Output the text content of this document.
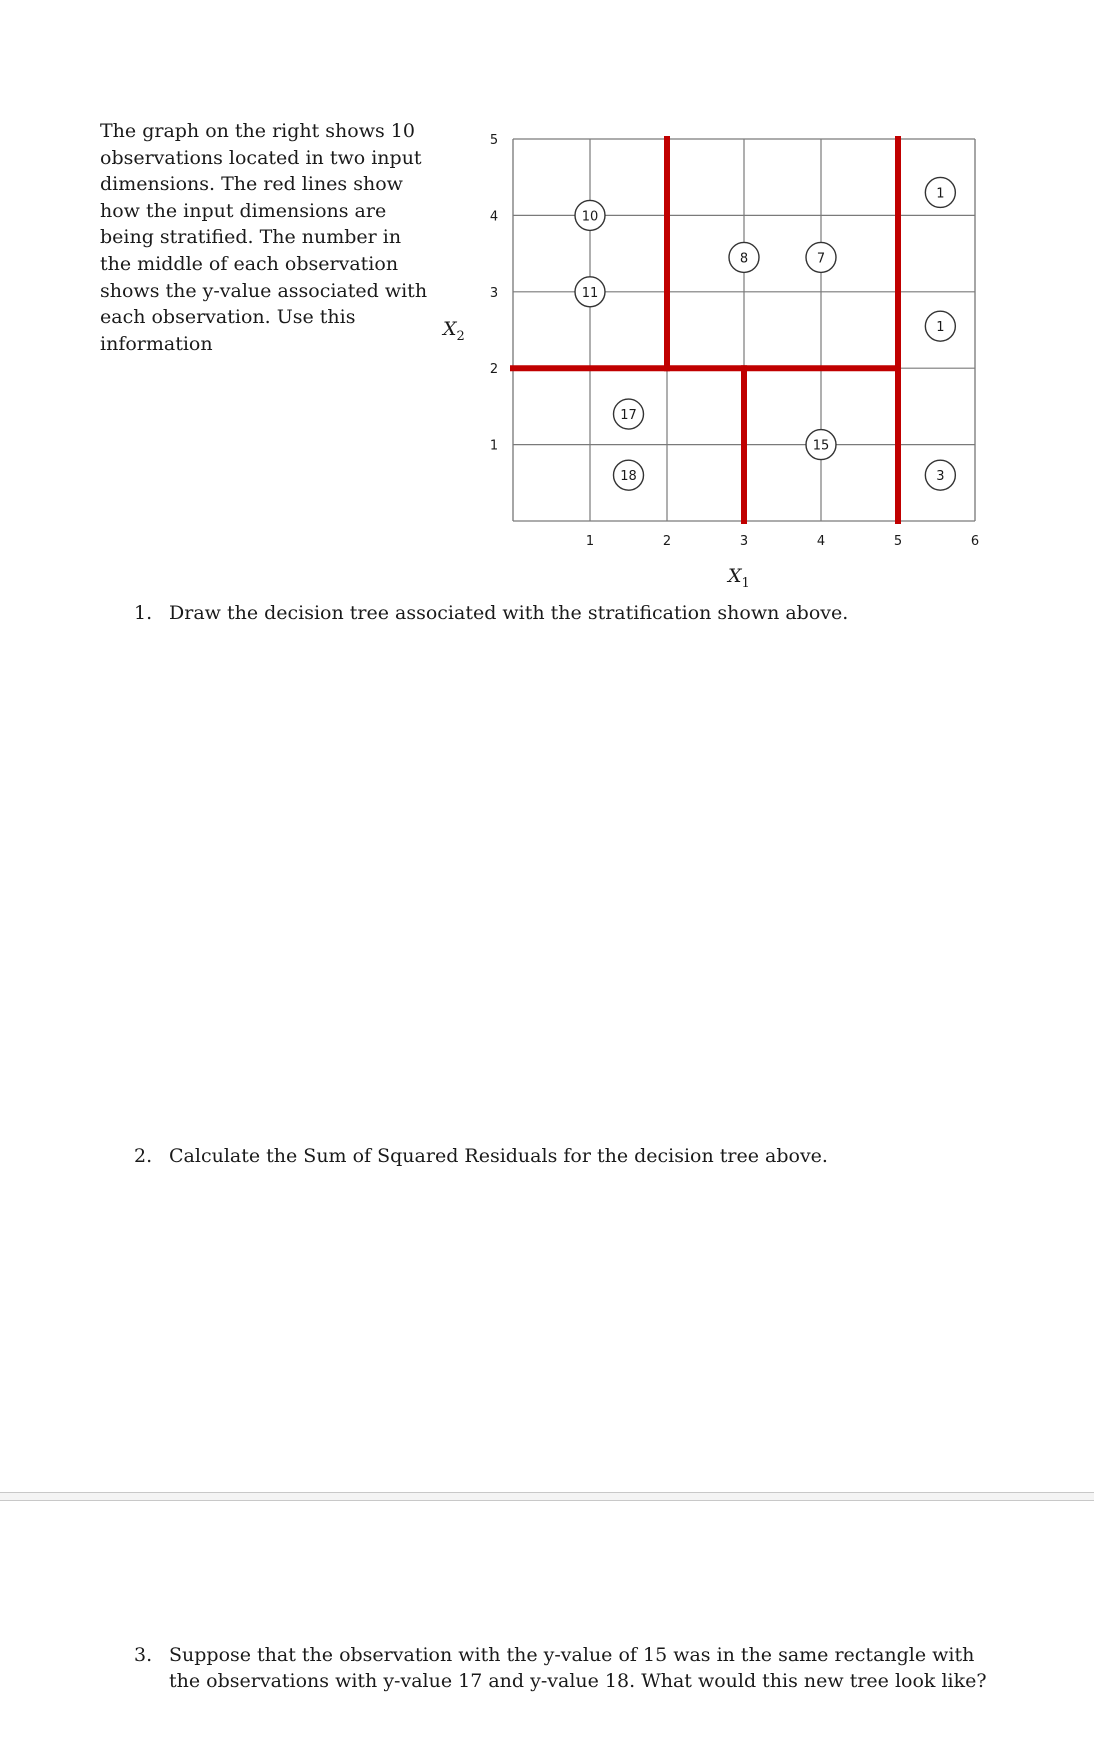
The graph on the right shows 10 observations located in two input dimensions. The red lines show how the input dimensions are being stratified. The number in the middle of each observation shows the y-value associated with each observation. Use this information

1	2	3	4	5	6
1
2
3
4
5
10
11
17
18
8	7
15
1
1
3
$X_1$
$X_2$
1. Draw the decision tree associated with the stratification shown above.
2. Calculate the Sum of Squared Residuals for the decision tree above.
3. Suppose that the observation with the y-value of 15 was in the same rectangle with the observations with y-value 17 and y-value 18. What would this new tree look like?
